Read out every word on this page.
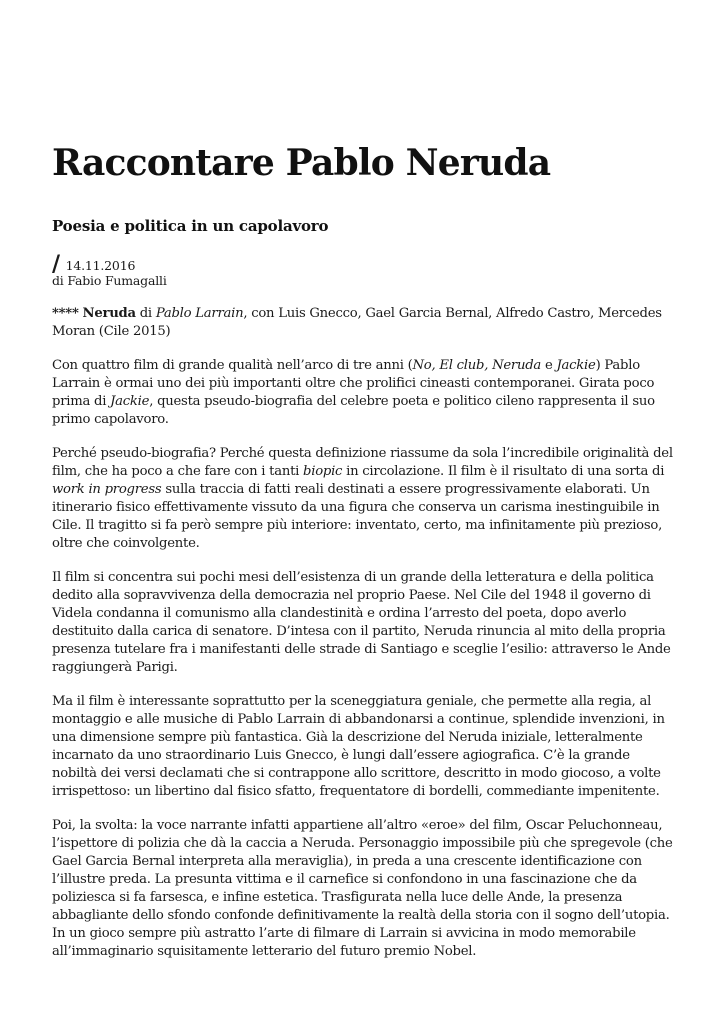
Raccontare Pablo Neruda
Poesia e politica in un capolavoro
/ 14.11.2016
di Fabio Fumagalli

**** Neruda di Pablo Larrain, con Luis Gnecco, Gael Garcia Bernal, Alfredo Castro, Mercedes Moran (Cile 2015)

Con quattro film di grande qualità nell’arco di tre anni (No, El club, Neruda e Jackie) Pablo Larrain è ormai uno dei più importanti oltre che prolifici cineasti contemporanei. Girata poco prima di Jackie, questa pseudo-biografia del celebre poeta e politico cileno rappresenta il suo primo capolavoro.

Perché pseudo-biografia? Perché questa definizione riassume da sola l’incredibile originalità del film, che ha poco a che fare con i tanti biopic in circolazione. Il film è il risultato di una sorta di work in progress sulla traccia di fatti reali destinati a essere progressivamente elaborati. Un itinerario fisico effettivamente vissuto da una figura che conserva un carisma inestinguibile in Cile. Il tragitto si fa però sempre più interiore: inventato, certo, ma infinitamente più prezioso, oltre che coinvolgente.

Il film si concentra sui pochi mesi dell’esistenza di un grande della letteratura e della politica dedito alla sopravvivenza della democrazia nel proprio Paese. Nel Cile del 1948 il governo di Videla condanna il comunismo alla clandestinità e ordina l’arresto del poeta, dopo averlo destituito dalla carica di senatore. D’intesa con il partito, Neruda rinuncia al mito della propria presenza tutelare fra i manifestanti delle strade di Santiago e sceglie l’esilio: attraverso le Ande raggiungerà Parigi.

Ma il film è interessante soprattutto per la sceneggiatura geniale, che permette alla regia, al montaggio e alle musiche di Pablo Larrain di abbandonarsi a continue, splendide invenzioni, in una dimensione sempre più fantastica. Già la descrizione del Neruda iniziale, letteralmente incarnato da uno straordinario Luis Gnecco, è lungi dall’essere agiografica. C’è la grande nobiltà dei versi declamati che si contrappone allo scrittore, descritto in modo giocoso, a volte irrispettoso: un libertino dal fisico sfatto, frequentatore di bordelli, commediante impenitente.

Poi, la svolta: la voce narrante infatti appartiene all’altro «eroe» del film, Oscar Peluchonneau, l’ispettore di polizia che dà la caccia a Neruda. Personaggio impossibile più che spregevole (che Gael Garcia Bernal interpreta alla meraviglia), in preda a una crescente identificazione con l’illustre preda. La presunta vittima e il carnefice si confondono in una fascinazione che da poliziesca si fa farsesca, e infine estetica. Trasfigurata nella luce delle Ande, la presenza abbagliante dello sfondo confonde definitivamente la realtà della storia con il sogno dell’utopia. In un gioco sempre più astratto l’arte di filmare di Larrain si avvicina in modo memorabile all’immaginario squisitamente letterario del futuro premio Nobel.
